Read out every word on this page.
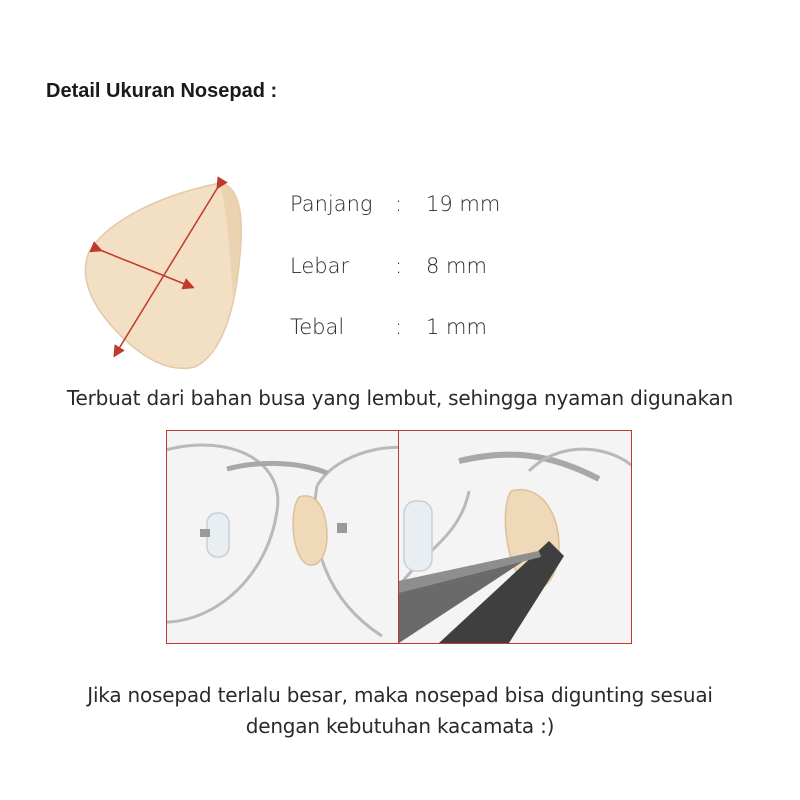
Detail Ukuran Nosepad :
Panjang : 19 mm
Lebar : 8 mm
Tebal : 1 mm
Terbuat dari bahan busa yang lembut, sehingga nyaman digunakan
Jika nosepad terlalu besar, maka nosepad bisa digunting sesuai
dengan kebutuhan kacamata :)
